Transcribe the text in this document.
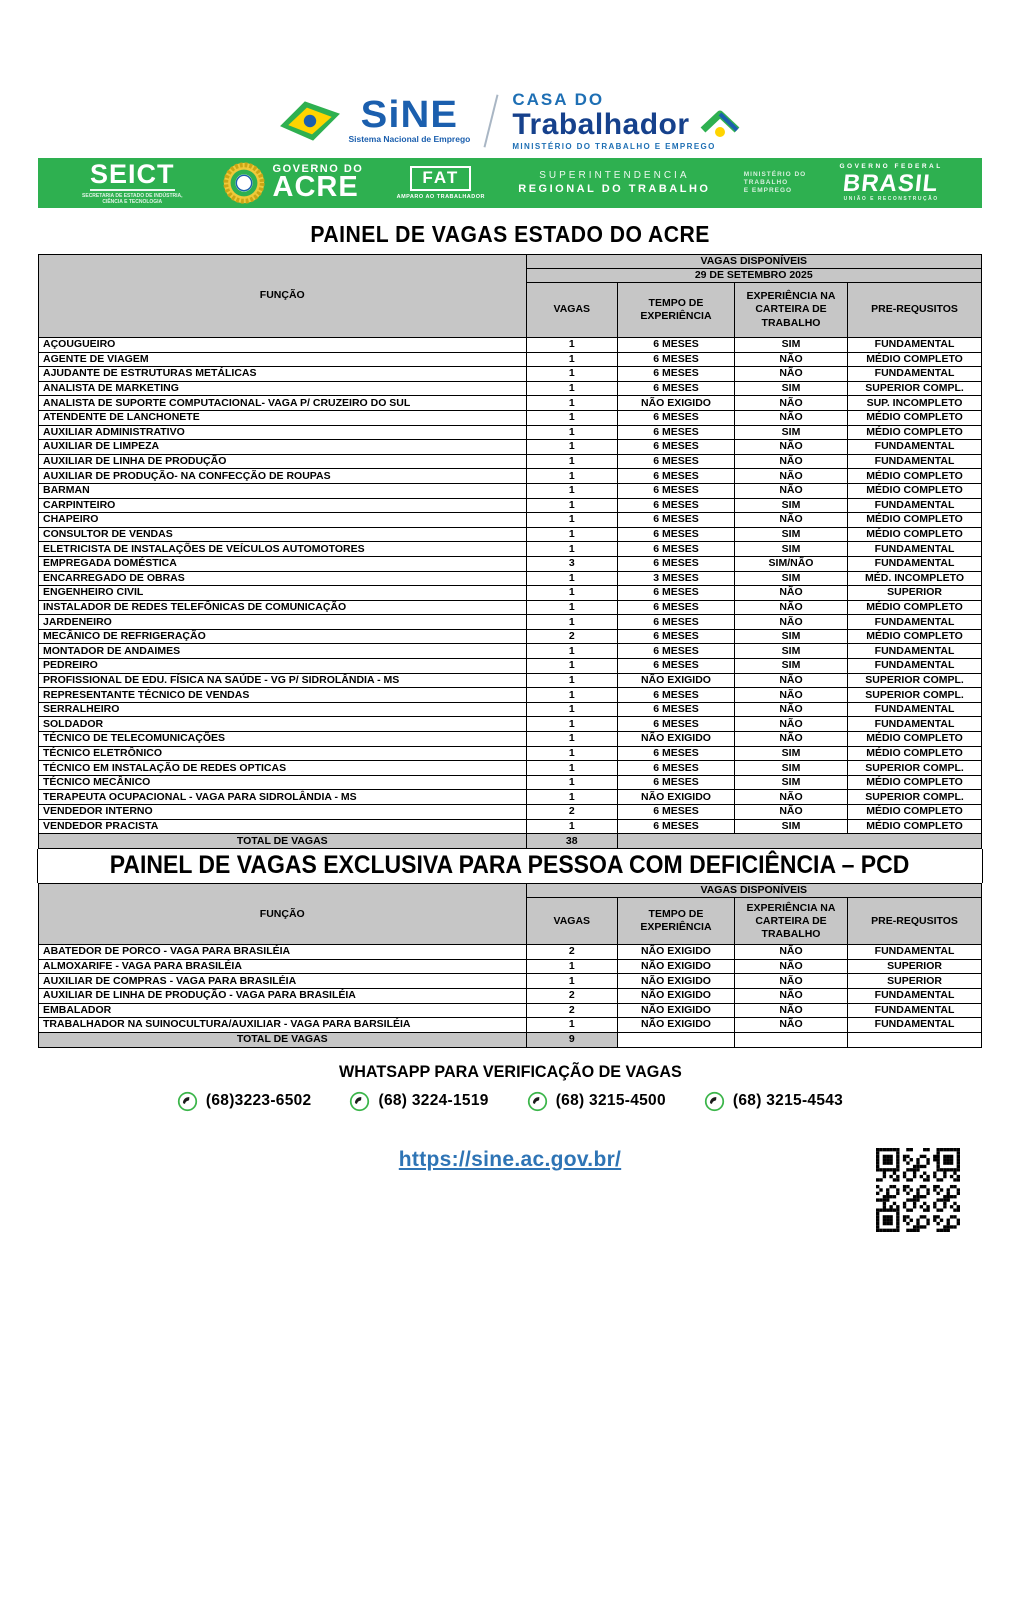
SiNE
Sistema Nacional de Emprego
CASA DO
Trabalhador
MINISTÉRIO DO TRABALHO E EMPREGO
SEICT
SECRETARIA DE ESTADO DE INDÚSTRIA, CIÊNCIA E TECNOLOGIA
GOVERNO DO
ACRE	FAT
AMPARO AO TRABALHADOR
SUPERINTENDENCIA
REGIONAL DO TRABALHO
MINISTÉRIO DO
TRABALHO
E EMPREGO
GOVERNO FEDERAL
BRASIL
UNIÃO E RECONSTRUÇÃO
PAINEL DE VAGAS ESTADO DO ACRE
FUNÇÃO	VAGAS DISPONÍVEIS			
	29 DE SETEMBRO 2025			
	VAGAS	TEMPO DE EXPERIÊNCIA	EXPERIÊNCIA NA CARTEIRA DE TRABALHO	PRE-REQUSITOS
AÇOUGUEIRO	1	6 MESES	SIM	FUNDAMENTAL
AGENTE DE VIAGEM	1	6 MESES	NÃO	MÉDIO COMPLETO
AJUDANTE DE ESTRUTURAS METÁLICAS	1	6 MESES	NÃO	FUNDAMENTAL
ANALISTA DE MARKETING	1	6 MESES	SIM	SUPERIOR COMPL.
ANALISTA DE SUPORTE COMPUTACIONAL- VAGA P/ CRUZEIRO DO SUL	1	NÃO EXIGIDO	NÃO	SUP. INCOMPLETO
ATENDENTE DE LANCHONETE	1	6 MESES	NÃO	MÉDIO COMPLETO
AUXILIAR ADMINISTRATIVO	1	6 MESES	SIM	MÉDIO COMPLETO
AUXILIAR DE LIMPEZA	1	6 MESES	NÃO	FUNDAMENTAL
AUXILIAR DE LINHA DE PRODUÇÃO	1	6 MESES	NÃO	FUNDAMENTAL
AUXILIAR DE PRODUÇÃO- NA CONFECÇÃO DE ROUPAS	1	6 MESES	NÃO	MÉDIO COMPLETO
BARMAN	1	6 MESES	NÃO	MÉDIO COMPLETO
CARPINTEIRO	1	6 MESES	SIM	FUNDAMENTAL
CHAPEIRO	1	6 MESES	NÃO	MÉDIO COMPLETO
CONSULTOR DE VENDAS	1	6 MESES	SIM	MÉDIO COMPLETO
ELETRICISTA DE INSTALAÇÕES DE VEÍCULOS AUTOMOTORES	1	6 MESES	SIM	FUNDAMENTAL
EMPREGADA DOMÉSTICA	3	6 MESES	SIM/NÃO	FUNDAMENTAL
ENCARREGADO DE OBRAS	1	3 MESES	SIM	MÉD. INCOMPLETO
ENGENHEIRO CIVIL	1	6 MESES	NÃO	SUPERIOR
INSTALADOR DE REDES TELEFÔNICAS DE COMUNICAÇÃO	1	6 MESES	NÃO	MÉDIO COMPLETO
JARDENEIRO	1	6 MESES	NÃO	FUNDAMENTAL
MECÂNICO DE REFRIGERAÇÃO	2	6 MESES	SIM	MÉDIO COMPLETO
MONTADOR DE ANDAIMES	1	6 MESES	SIM	FUNDAMENTAL
PEDREIRO	1	6 MESES	SIM	FUNDAMENTAL
PROFISSIONAL DE EDU. FÍSICA NA SAÚDE - VG P/ SIDROLÂNDIA - MS	1	NÃO EXIGIDO	NÃO	SUPERIOR COMPL.
REPRESENTANTE TÉCNICO DE VENDAS	1	6 MESES	NÃO	SUPERIOR COMPL.
SERRALHEIRO	1	6 MESES	NÃO	FUNDAMENTAL
SOLDADOR	1	6 MESES	NÃO	FUNDAMENTAL
TÉCNICO DE TELECOMUNICAÇÕES	1	NÃO EXIGIDO	NÃO	MÉDIO COMPLETO
TÉCNICO ELETRÔNICO	1	6 MESES	SIM	MÉDIO COMPLETO
TÉCNICO EM INSTALAÇÃO DE REDES OPTICAS	1	6 MESES	SIM	SUPERIOR COMPL.
TÉCNICO MECÂNICO	1	6 MESES	SIM	MÉDIO COMPLETO
TERAPEUTA OCUPACIONAL - VAGA PARA SIDROLÂNDIA - MS	1	NÃO EXIGIDO	NÃO	SUPERIOR COMPL.
VENDEDOR INTERNO	2	6 MESES	NÃO	MÉDIO COMPLETO
VENDEDOR PRACISTA	1	6 MESES	SIM	MÉDIO COMPLETO
TOTAL DE VAGAS	38			
PAINEL DE VAGAS EXCLUSIVA PARA PESSOA COM DEFICIÊNCIA – PCD
FUNÇÃO	VAGAS DISPONÍVEIS			
	VAGAS	TEMPO DE EXPERIÊNCIA	EXPERIÊNCIA NA CARTEIRA DE TRABALHO	PRE-REQUSITOS
ABATEDOR DE PORCO - VAGA PARA BRASILÉIA	2	NÃO EXIGIDO	NÃO	FUNDAMENTAL
ALMOXARIFE - VAGA PARA BRASILÉIA	1	NÃO EXIGIDO	NÃO	SUPERIOR
AUXILIAR DE COMPRAS - VAGA PARA BRASILÉIA	1	NÃO EXIGIDO	NÃO	SUPERIOR
AUXILIAR DE LINHA DE PRODUÇÃO - VAGA PARA BRASILÉIA	2	NÃO EXIGIDO	NÃO	FUNDAMENTAL
EMBALADOR	2	NÃO EXIGIDO	NÃO	FUNDAMENTAL
TRABALHADOR NA SUINOCULTURA/AUXILIAR - VAGA PARA BARSILÉIA	1	NÃO EXIGIDO	NÃO	FUNDAMENTAL
TOTAL DE VAGAS	9			
WHATSAPP PARA VERIFICAÇÃO DE VAGAS
(68)3223-6502	(68) 3224-1519	(68) 3215-4500	(68) 3215-4543
https://sine.ac.gov.br/
